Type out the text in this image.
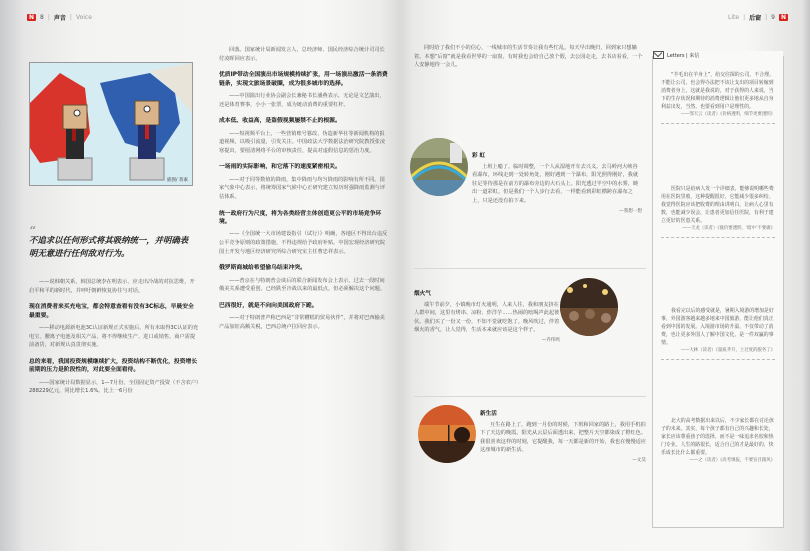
N	8 | 声音 | Voice
插图/ 蒋素
“
不追求以任何形式将其吸纳统一，并明确表明无意进行任何敌对行为。

——说韩朝关系，韩国总统李在明表示，应走出冷战的对抗思维，开启平和平的新时代，并呼吁朝鲜恢复协往与对话。

现在消费者来买充电宝，都会特意查看有没有3C标志，早晨安全最重要。

——移动电源新电池3C认证新规正式实施后，所有未取得3C认证的充电宝、腰离子电池及相关产品，将不得继续生产、进口或销售。商户需提前备货，对新规认真贯彻实施。

总的来看，我国投资规模继续扩大，投资结构不断优化，投资增长前期的压力是阶段性的，对此要全面看待。

——国家统计局数据显示，1—7月份，全国固定资产投资（不含农户）288229亿元，同比增长1.6%。比上一6月份

回落。国家统计局新闻发言人、总经济师、国民经济综合统计司司长付凌晖回应表示。

优质IP带动全国演出市场规模持续扩张，用一场演出激活一条消费链条，实现文旅场景破圈，成为很多城市的选择。

——中国演出行业协会副会长兼秘书长潘燕表示，无论是文艺演出，还是体育赛事，小小一张票，成为链动消费的重要杠杆。

成本低、收益高，是盗假视频屡禁不止的根源。

——短视频平台上，一些营销账号篡改、伪造新华社等新闻机构的报道视频，以吸引流量，引发关注。中国政法大学数据法治研究院教授张凌寒提出，要厘清网络平台的审核责任，提高对虚假信息的惩治力度。

一场雨的实际影响，和它落下的速度紧密相关。

——对于同等数值的降雨，集中降雨与均匀降雨的影响有所不同。国家气象中心表示，将统筹国家气候中心正研究建立短历时强降雨监测与评估体系。

统一政府行为尺度，将为各类经营主体创造更公平的市场竞争环境。

——《全国统一大市场建设指引（试行）》明确，各地区不得出台违反公平竞争原则的政策措施，不得违规给予政府补贴。中国宏观经济研究院国土开发与地区经济研究所综合研究室主任曹忠祥表示。

俄罗斯商城给希望偷乌结束冲突。

——普京在与特朗普会谈后的联合新闻发布会上表示，过去一段时间俄美关系遭受重创，已经跌至冷战以来的最低点。但必须解决这个问题。

巴西很好，就是不向向美国政府下跪。

——对于特朗普声称巴西是“非常糟糕的贸易伙伴”，并将对巴西输美产品加征高额关税，巴西总统卢拉回应表示。

Lite | 后窗 | 9	N

同时给了我们不小的信心，一线城市的生活节奏让我有些忙乱。每天早出晚归，回到家只想躺着。本想“后窗”就是我看世界的一扇窗，有时我也会给自己放个假，去公园走走，去书店看看，一个人安静地待一会儿。

彩 虹

上班上瘾了。临时调整，一个人从湿地开车去兴义。去马岭河大峡谷看瀑布，环线走到一处转角处，刚好遇到一个瀑布，阳光照得刚好，我就驻足等待那是在前方的瀑布旁边的大石头上。阳光透过半空中的水雾，映出一道彩虹。但是我们一个人步行去看，一样能看到彩虹横跨在瀑布之上，只是还没有拍下来。

—我想一想
烟火气

端午节前夕，小镇晚市灯火通明，人来人往，我和朋友挤在人群中间，这里有烤串、凉粉、炸洋芋……热闹的吆喝声此起彼伏。我们买了一份又一份，不知不觉就吃饱了。晚风吹过，伴着烟火的香气，让人觉得，生活本来就应该是这个样子。

—乔伟鸣
新生活

互生在路上了，跑到一月份的时候，下班和回家的路上，我用手机拍下了天边的晚霞。阳光从云层后面透出来，把整片天空都染成了橙红色。我很喜欢这样的时刻，它提醒我，每一天都是新的开始，我也在慢慢适应这座城市的新生活。

—文昊
Letters | 来信

“羊毛出在羊身上”，给交往探的公司，不合理。不能让公司，也会得办法把不该让支出的项目转嫁到消费者身上，这就是我说的，对于获得的人来说，当下的生存状况和期待的消费逻辑让他们更多地从自身利益出发，当然，也要看到用户是理性的。

——鄂天云（读者）《价格透明，细节更要透明》

医院只是给病人发一个详细表，能够说明哪些费用在医院里收，这种提醒很好，它能减少很多纠纷。我觉得医院应该把收费的理由讲明白，让病人心里有数，也能减少误会，让患者更加信任医院，有利于建立更好的医患关系。

——天龙（读者）《涨价要透明，‘暗中’不要做》

我看完以后的感受就是，暑期入境游的增加是好事，外国游客越来越多地来中国旅游，能让他们真正看到中国的发展。入境游市场的升温，不仅带动了消费，也让更多外国人了解中国文化，是一件双赢的事情。

——大林（读者）《量质齐升，上过度的服务了》

北大的高考数据出来以后，不少家长都在讨论孩子的未来。其实，每个孩子都有自己的兴趣和长处，家长应该尊重孩子的选择，而不是一味追求名校和热门专业。人生的路很长，适合自己的才是最好的，快乐成长比什么都重要。

——之（读者）《高考填报，不要盲目跟风》
